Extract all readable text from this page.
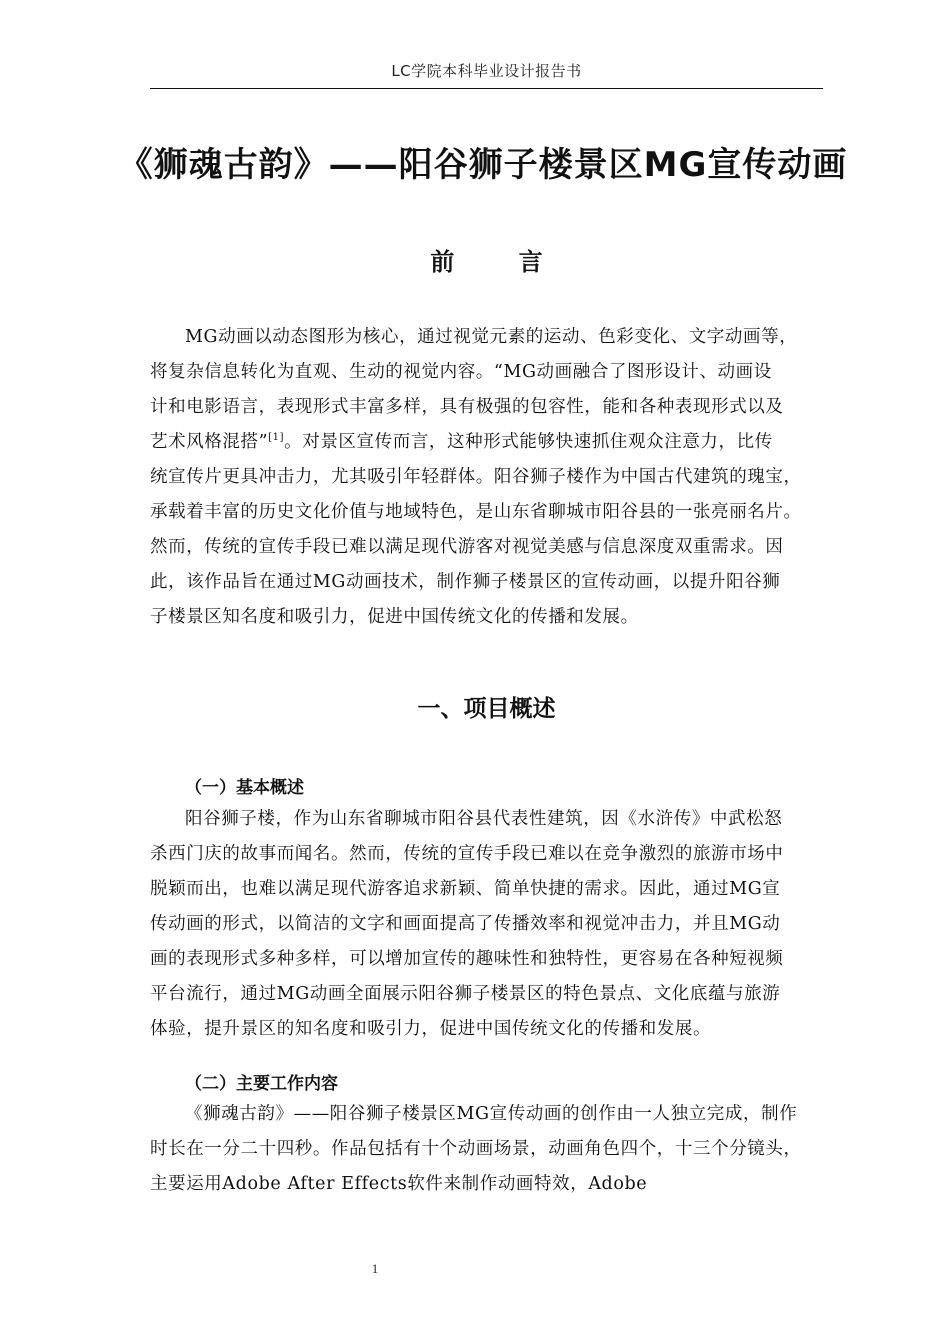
LC学院本科毕业设计报告书
《狮魂古韵》——阳谷狮子楼景区MG宣传动画
前 言
MG动画以动态图形为核心，通过视觉元素的运动、色彩变化、文字动画等，
将复杂信息转化为直观、生动的视觉内容。“MG动画融合了图形设计、动画设
计和电影语言，表现形式丰富多样，具有极强的包容性，能和各种表现形式以及
艺术风格混搭”[1]。对景区宣传而言，这种形式能够快速抓住观众注意力，比传
统宣传片更具冲击力，尤其吸引年轻群体。阳谷狮子楼作为中国古代建筑的瑰宝，
承载着丰富的历史文化价值与地域特色，是山东省聊城市阳谷县的一张亮丽名片。
然而，传统的宣传手段已难以满足现代游客对视觉美感与信息深度双重需求。因
此，该作品旨在通过MG动画技术，制作狮子楼景区的宣传动画，以提升阳谷狮
子楼景区知名度和吸引力，促进中国传统文化的传播和发展。
一、项目概述
（一）基本概述
阳谷狮子楼，作为山东省聊城市阳谷县代表性建筑，因《水浒传》中武松怒
杀西门庆的故事而闻名。然而，传统的宣传手段已难以在竞争激烈的旅游市场中
脱颖而出，也难以满足现代游客追求新颖、简单快捷的需求。因此，通过MG宣
传动画的形式，以简洁的文字和画面提高了传播效率和视觉冲击力，并且MG动
画的表现形式多种多样，可以增加宣传的趣味性和独特性，更容易在各种短视频
平台流行，通过MG动画全面展示阳谷狮子楼景区的特色景点、文化底蕴与旅游
体验，提升景区的知名度和吸引力，促进中国传统文化的传播和发展。
（二）主要工作内容
《狮魂古韵》——阳谷狮子楼景区MG宣传动画的创作由一人独立完成，制作
时长在一分二十四秒。作品包括有十个动画场景，动画角色四个，十三个分镜头，
主要运用Adobe After Effects软件来制作动画特效，Adobe
1
